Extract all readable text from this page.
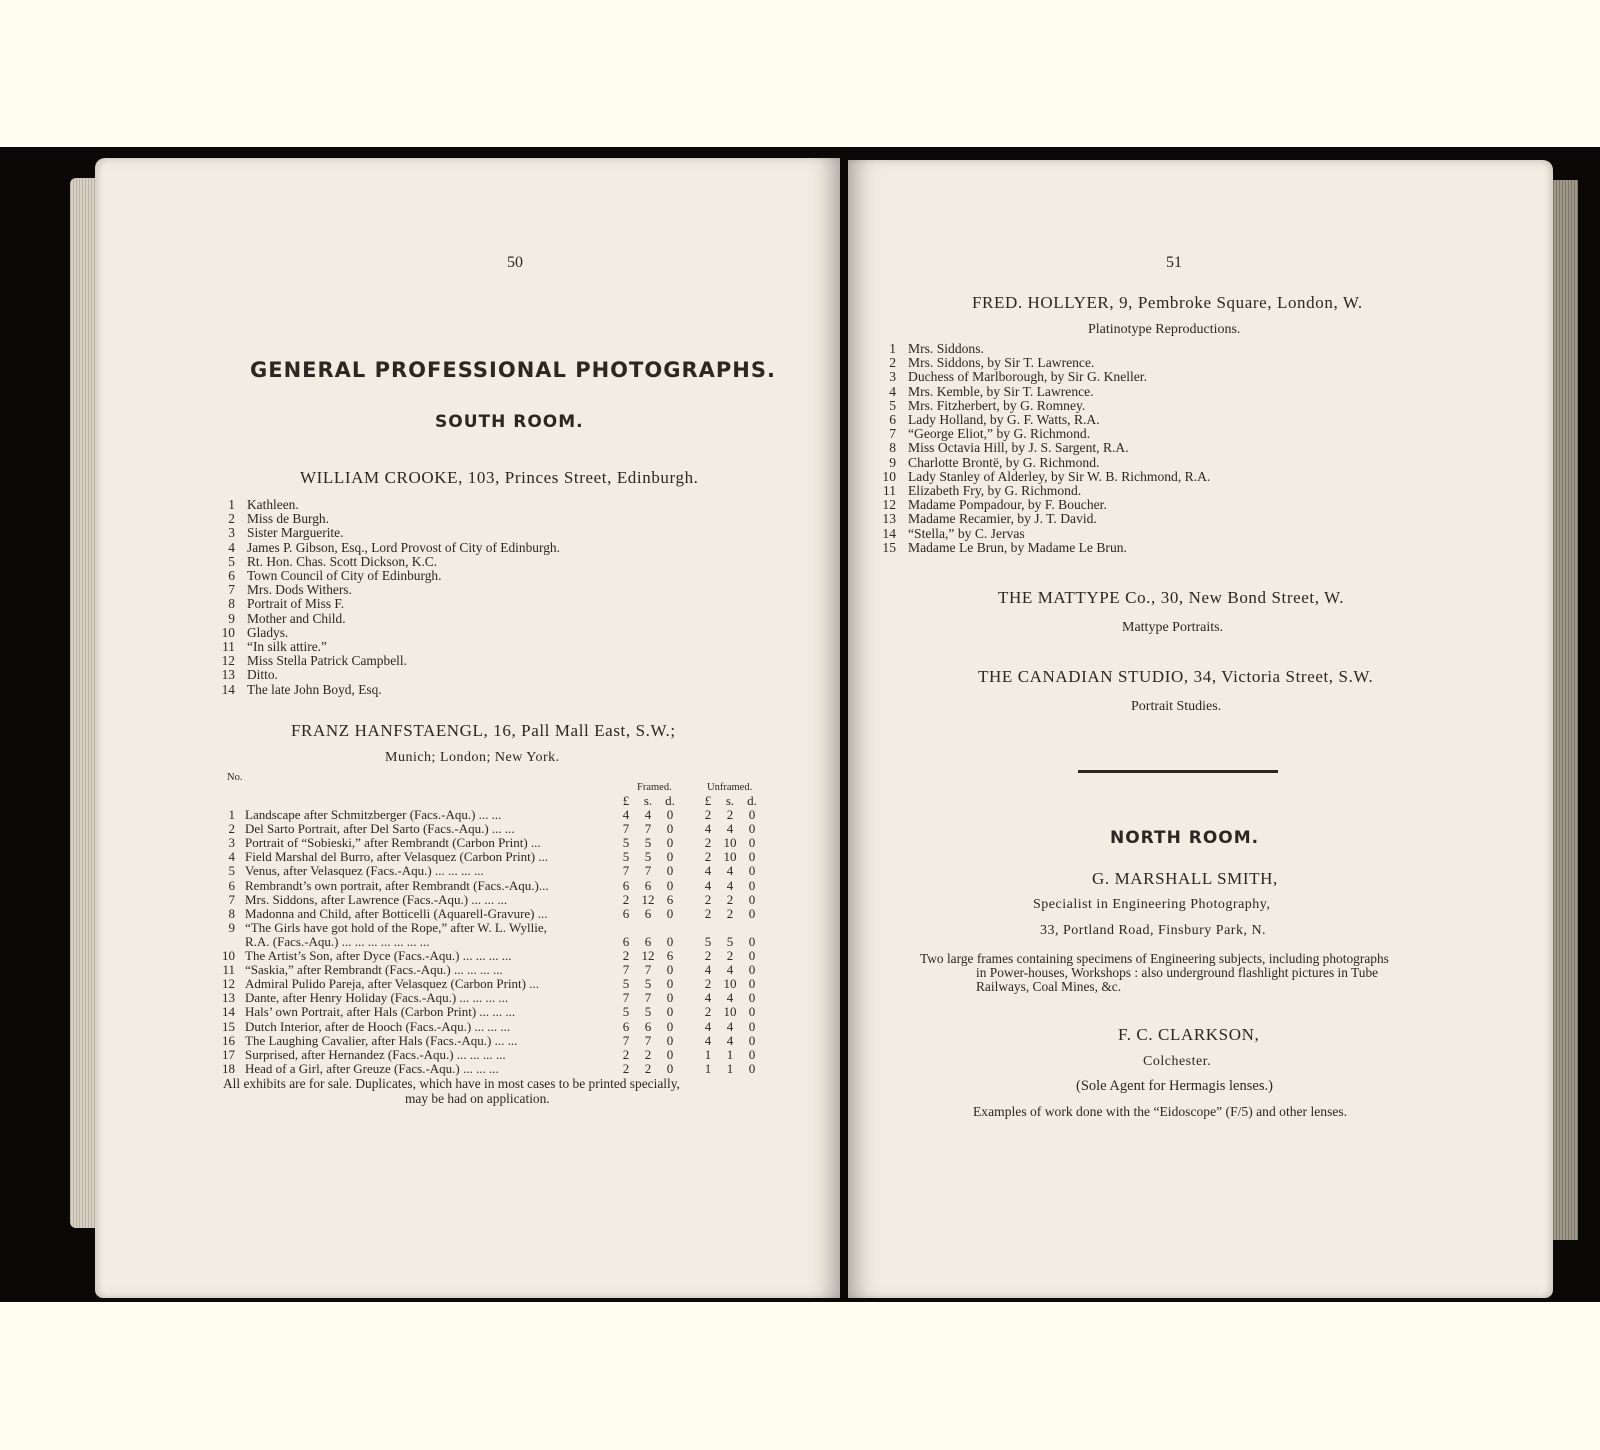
50
GENERAL PROFESSIONAL PHOTOGRAPHS.
SOUTH ROOM.
WILLIAM CROOKE, 103, Princes Street, Edinburgh.
1 Kathleen.
2 Miss de Burgh.
3 Sister Marguerite.
4 James P. Gibson, Esq., Lord Provost of City of Edinburgh.
5 Rt. Hon. Chas. Scott Dickson, K.C.
6 Town Council of City of Edinburgh.
7 Mrs. Dods Withers.
8 Portrait of Miss F.
9 Mother and Child.
10 Gladys.
11 “In silk attire.”
12 Miss Stella Patrick Campbell.
13 Ditto.
14 The late John Boyd, Esq.
FRANZ HANFSTAENGL, 16, Pall Mall East, S.W.;
Munich; London; New York.
No.
Framed.	Unframed.
		£	s.	d.		£	s.	d.
1	Landscape after Schmitzberger (Facs.-Aqu.) ... ...	4	4	0		2	2	0
2	Del Sarto Portrait, after Del Sarto (Facs.-Aqu.) ... ...	7	7	0		4	4	0
3	Portrait of “Sobieski,” after Rembrandt (Carbon Print) ...	5	5	0		2	10	0
4	Field Marshal del Burro, after Velasquez (Carbon Print) ...	5	5	0		2	10	0
5	Venus, after Velasquez (Facs.-Aqu.) ... ... ... ...	7	7	0		4	4	0
6	Rembrandt’s own portrait, after Rembrandt (Facs.-Aqu.)...	6	6	0		4	4	0
7	Mrs. Siddons, after Lawrence (Facs.-Aqu.) ... ... ...	2	12	6		2	2	0
8	Madonna and Child, after Botticelli (Aquarell-Gravure) ...	6	6	0		2	2	0
9	“The Girls have got hold of the Rope,” after W. L. Wyllie,							
	R.A. (Facs.-Aqu.) ... ... ... ... ... ... ...	6	6	0		5	5	0
10	The Artist’s Son, after Dyce (Facs.-Aqu.) ... ... ... ...	2	12	6		2	2	0
11	“Saskia,” after Rembrandt (Facs.-Aqu.) ... ... ... ...	7	7	0		4	4	0
12	Admiral Pulido Pareja, after Velasquez (Carbon Print) ...	5	5	0		2	10	0
13	Dante, after Henry Holiday (Facs.-Aqu.) ... ... ... ...	7	7	0		4	4	0
14	Hals’ own Portrait, after Hals (Carbon Print) ... ... ...	5	5	0		2	10	0
15	Dutch Interior, after de Hooch (Facs.-Aqu.) ... ... ...	6	6	0		4	4	0
16	The Laughing Cavalier, after Hals (Facs.-Aqu.) ... ...	7	7	0		4	4	0
17	Surprised, after Hernandez (Facs.-Aqu.) ... ... ... ...	2	2	0		1	1	0
18	Head of a Girl, after Greuze (Facs.-Aqu.) ... ... ...	2	2	0		1	1	0
All exhibits are for sale. Duplicates, which have in most cases to be printed specially,
may be had on application.
51
FRED. HOLLYER, 9, Pembroke Square, London, W.
Platinotype Reproductions.
1 Mrs. Siddons.
2 Mrs. Siddons, by Sir T. Lawrence.
3 Duchess of Marlborough, by Sir G. Kneller.
4 Mrs. Kemble, by Sir T. Lawrence.
5 Mrs. Fitzherbert, by G. Romney.
6 Lady Holland, by G. F. Watts, R.A.
7 “George Eliot,” by G. Richmond.
8 Miss Octavia Hill, by J. S. Sargent, R.A.
9 Charlotte Brontë, by G. Richmond.
10 Lady Stanley of Alderley, by Sir W. B. Richmond, R.A.
11 Elizabeth Fry, by G. Richmond.
12 Madame Pompadour, by F. Boucher.
13 Madame Recamier, by J. T. David.
14 “Stella,” by C. Jervas
15 Madame Le Brun, by Madame Le Brun.
THE MATTYPE Co., 30, New Bond Street, W.
Mattype Portraits.
THE CANADIAN STUDIO, 34, Victoria Street, S.W.
Portrait Studies.
NORTH ROOM.
G. MARSHALL SMITH,
Specialist in Engineering Photography,
33, Portland Road, Finsbury Park, N.
Two large frames containing specimens of Engineering subjects, including photographs
in Power-houses, Workshops : also underground flashlight pictures in Tube
Railways, Coal Mines, &c.
F. C. CLARKSON,
Colchester.
(Sole Agent for Hermagis lenses.)
Examples of work done with the “Eidoscope” (F/5) and other lenses.
